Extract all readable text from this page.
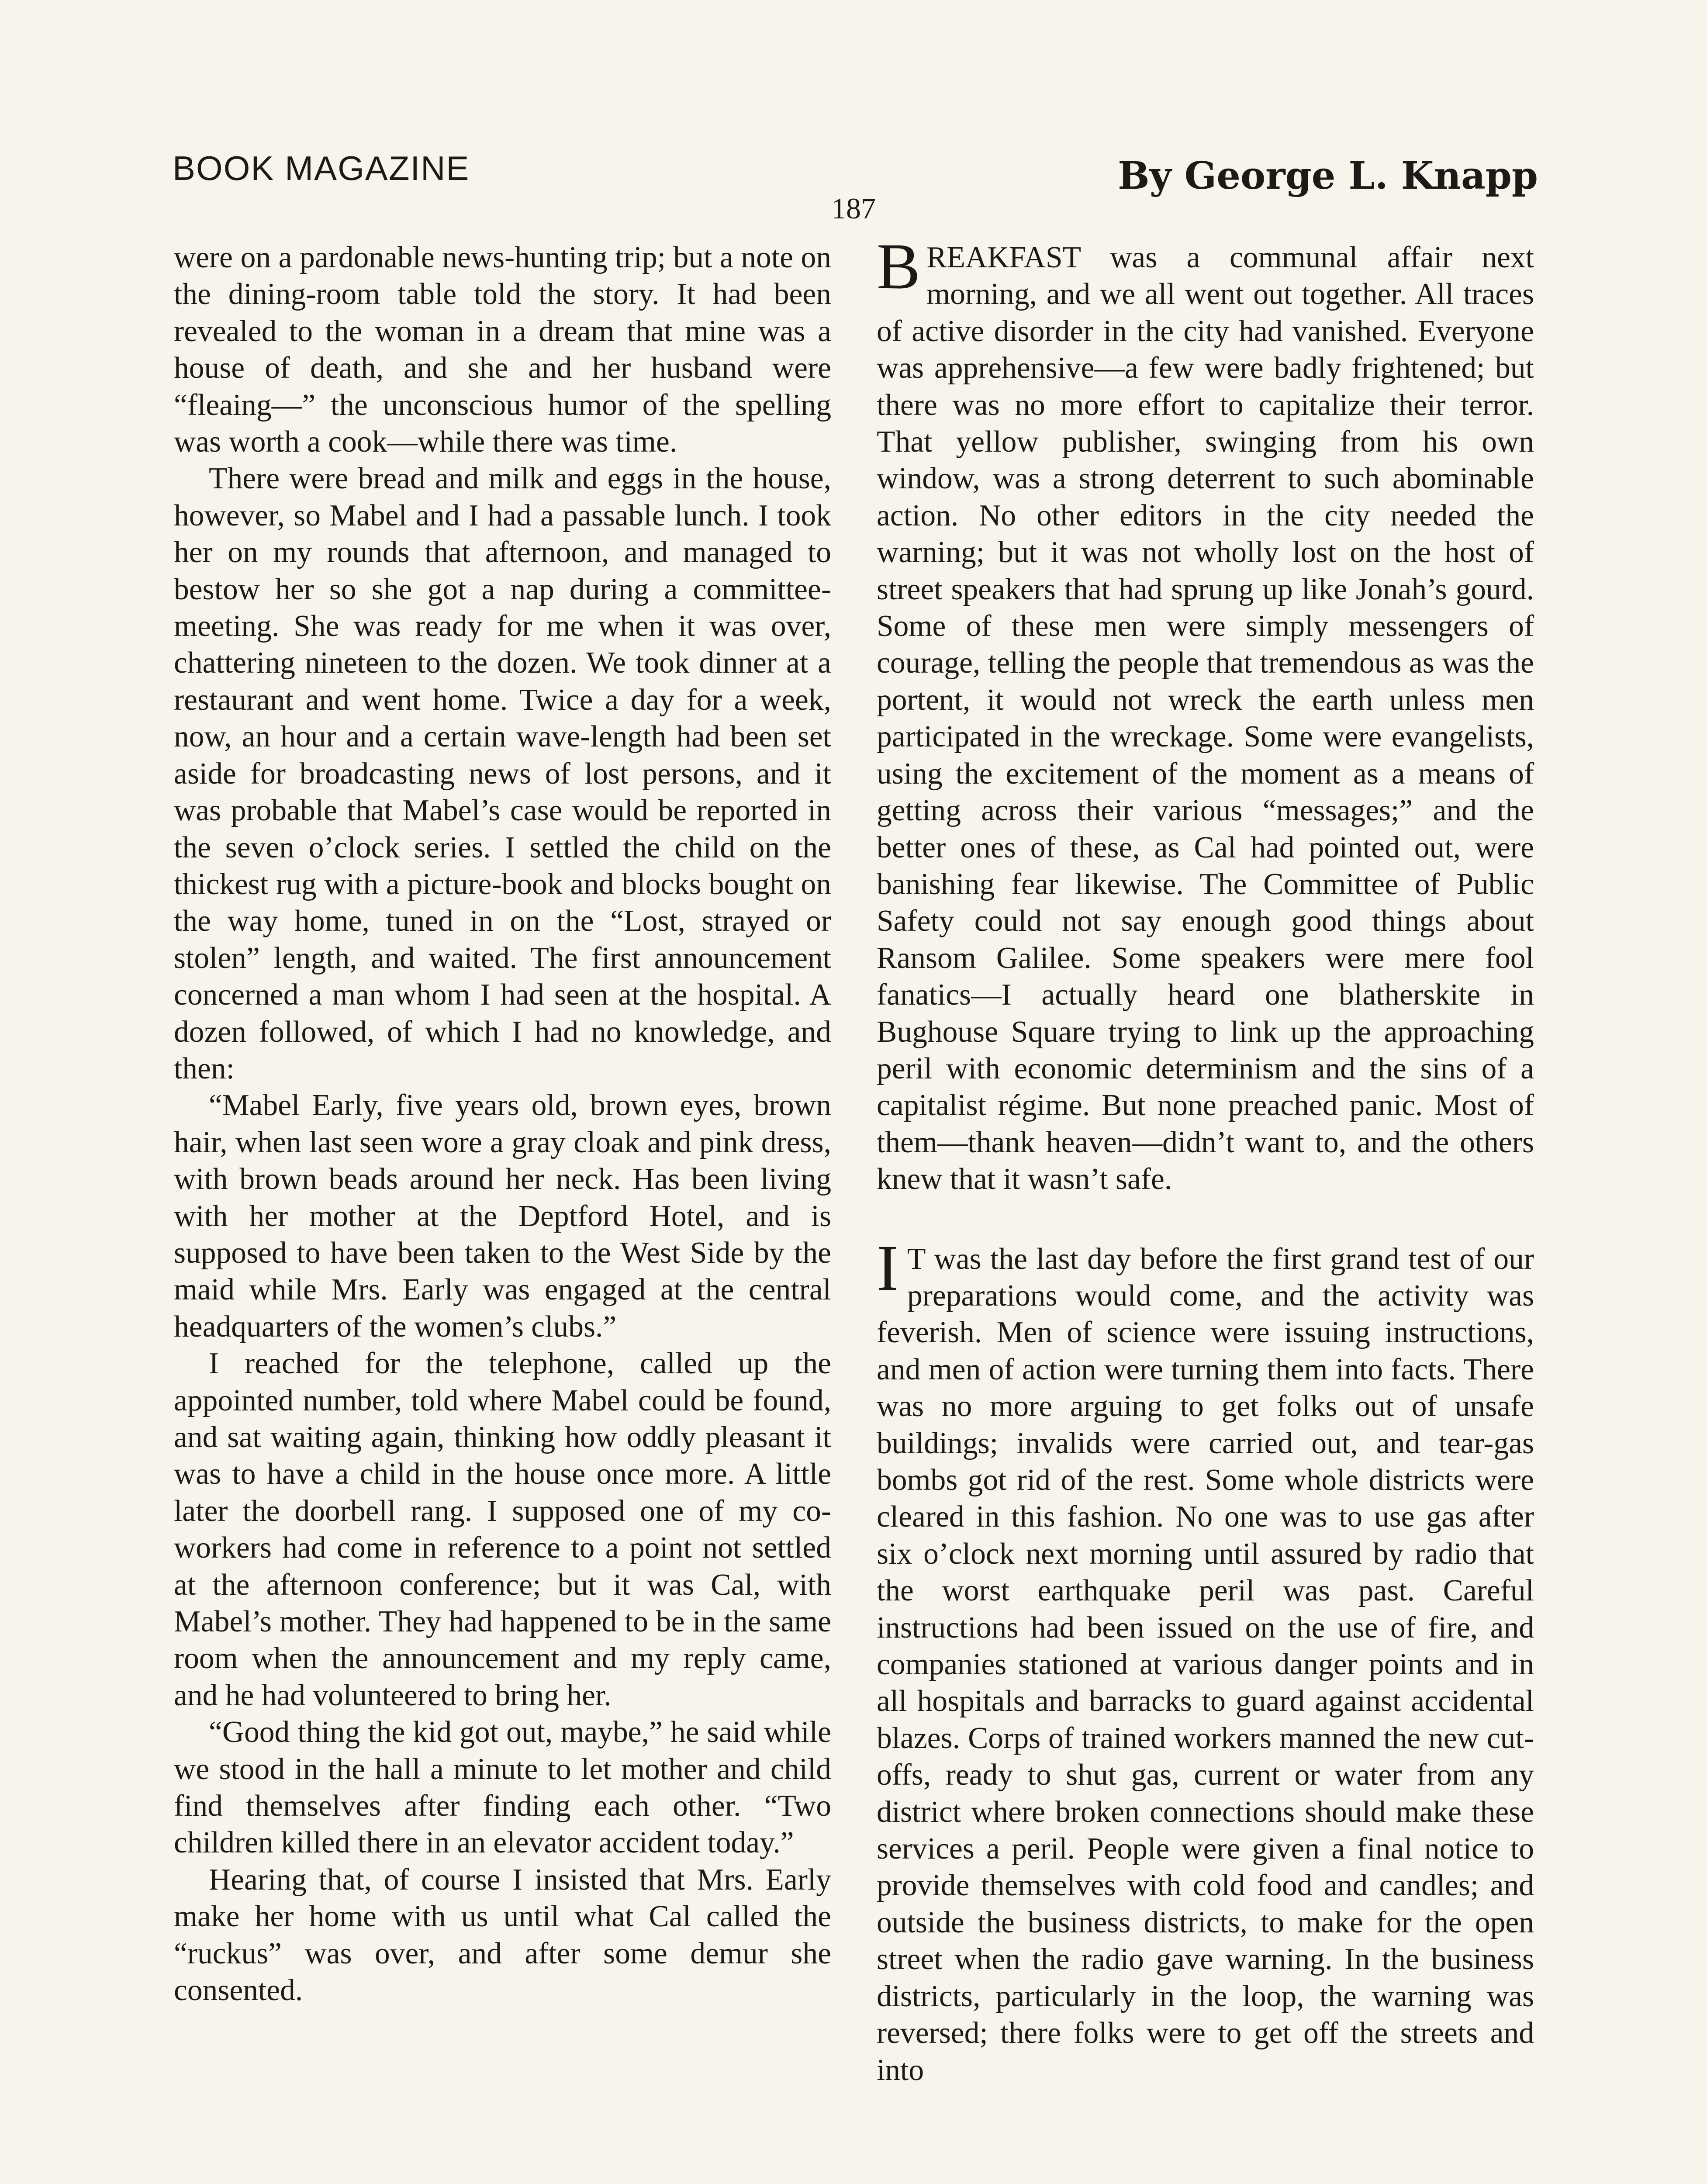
BOOK MAGAZINE	By George L. Knapp
187

were on a pardonable news-hunting trip; but a note on the dining-room table told the story. It had been revealed to the woman in a dream that mine was a house of death, and she and her husband were “fleaing—” the unconscious humor of the spelling was worth a cook—while there was time.

There were bread and milk and eggs in the house, however, so Mabel and I had a passable lunch. I took her on my rounds that afternoon, and managed to bestow her so she got a nap during a committee-meeting. She was ready for me when it was over, chattering nineteen to the dozen. We took dinner at a restaurant and went home. Twice a day for a week, now, an hour and a certain wave-length had been set aside for broadcasting news of lost persons, and it was probable that Mabel’s case would be reported in the seven o’clock series. I settled the child on the thickest rug with a picture-book and blocks bought on the way home, tuned in on the “Lost, strayed or stolen” length, and waited. The first announcement concerned a man whom I had seen at the hospital. A dozen followed, of which I had no knowledge, and then:

“Mabel Early, five years old, brown eyes, brown hair, when last seen wore a gray cloak and pink dress, with brown beads around her neck. Has been living with her mother at the Deptford Hotel, and is supposed to have been taken to the West Side by the maid while Mrs. Early was engaged at the central headquarters of the women’s clubs.”

I reached for the telephone, called up the appointed number, told where Mabel could be found, and sat waiting again, thinking how oddly pleasant it was to have a child in the house once more. A little later the doorbell rang. I supposed one of my co-workers had come in reference to a point not settled at the afternoon conference; but it was Cal, with Mabel’s mother. They had happened to be in the same room when the announcement and my reply came, and he had volunteered to bring her.

“Good thing the kid got out, maybe,” he said while we stood in the hall a minute to let mother and child find themselves after finding each other. “Two children killed there in an elevator accident today.”

Hearing that, of course I insisted that Mrs. Early make her home with us until what Cal called the “ruckus” was over, and after some demur she consented.

BREAKFAST was a communal affair next morning, and we all went out together. All traces of active disorder in the city had vanished. Everyone was apprehensive—a few were badly frightened; but there was no more effort to capitalize their terror. That yellow publisher, swinging from his own window, was a strong deterrent to such abominable action. No other editors in the city needed the warning; but it was not wholly lost on the host of street speakers that had sprung up like Jonah’s gourd. Some of these men were simply messengers of courage, telling the people that tremendous as was the portent, it would not wreck the earth unless men participated in the wreckage. Some were evangelists, using the excitement of the moment as a means of getting across their various “messages;” and the better ones of these, as Cal had pointed out, were banishing fear likewise. The Committee of Public Safety could not say enough good things about Ransom Galilee. Some speakers were mere fool fanatics—I actually heard one blatherskite in Bughouse Square trying to link up the approaching peril with economic determinism and the sins of a capitalist régime. But none preached panic. Most of them—thank heaven—didn’t want to, and the others knew that it wasn’t safe.

I T was the last day before the first grand test of our preparations would come, and the activity was feverish. Men of science were issuing instructions, and men of action were turning them into facts. There was no more arguing to get folks out of unsafe buildings; invalids were carried out, and tear-gas bombs got rid of the rest. Some whole districts were cleared in this fashion. No one was to use gas after six o’clock next morning until assured by radio that the worst earthquake peril was past. Careful instructions had been issued on the use of fire, and companies stationed at various danger points and in all hospitals and barracks to guard against accidental blazes. Corps of trained workers manned the new cut-offs, ready to shut gas, current or water from any district where broken connections should make these services a peril. People were given a final notice to provide themselves with cold food and candles; and outside the business districts, to make for the open street when the radio gave warning. In the business districts, particularly in the loop, the warning was reversed; there folks were to get off the streets and into
